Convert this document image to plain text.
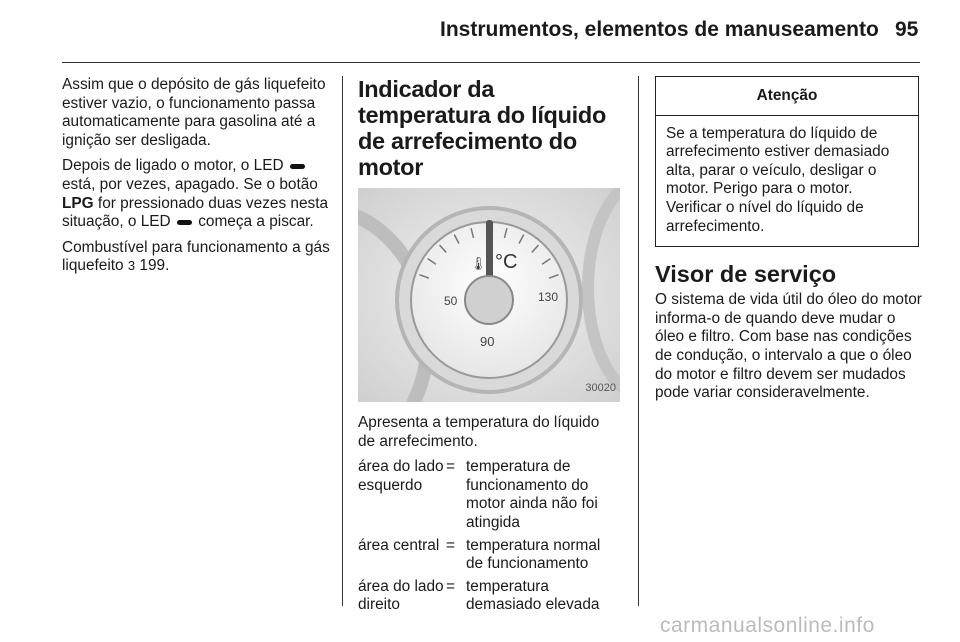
Instrumentos, elementos de manuseamento 95

Assim que o depósito de gás liquefeito estiver vazio, o funcionamento passa automaticamente para gasolina até a ignição ser desligada.

Depois de ligado o motor, o LED  está, por vezes, apagado. Se o botão LPG for pressionado duas vezes nesta situação, o LED começa a piscar.

Combustível para funcionamento a gás liquefeito 3 199.

Indicador da temperatura do líquido de arrefecimento do motor
🌡 °C
50
90
130
30020

Apresenta a temperatura do líquido de arrefecimento.

área do lado esquerdo
= temperatura de funcionamento do motor ainda não foi atingida
área central = temperatura normal de funcionamento
área do lado direito
= temperatura demasiado elevada
Atenção
Se a temperatura do líquido de arrefecimento estiver demasiado alta, parar o veículo, desligar o motor. Perigo para o motor. Verificar o nível do líquido de arrefecimento.
Visor de serviço

O sistema de vida útil do óleo do motor informa-o de quando deve mudar o óleo e filtro. Com base nas condições de condução, o intervalo a que o óleo do motor e filtro devem ser mudados pode variar consideravelmente.

carmanualsonline.info
